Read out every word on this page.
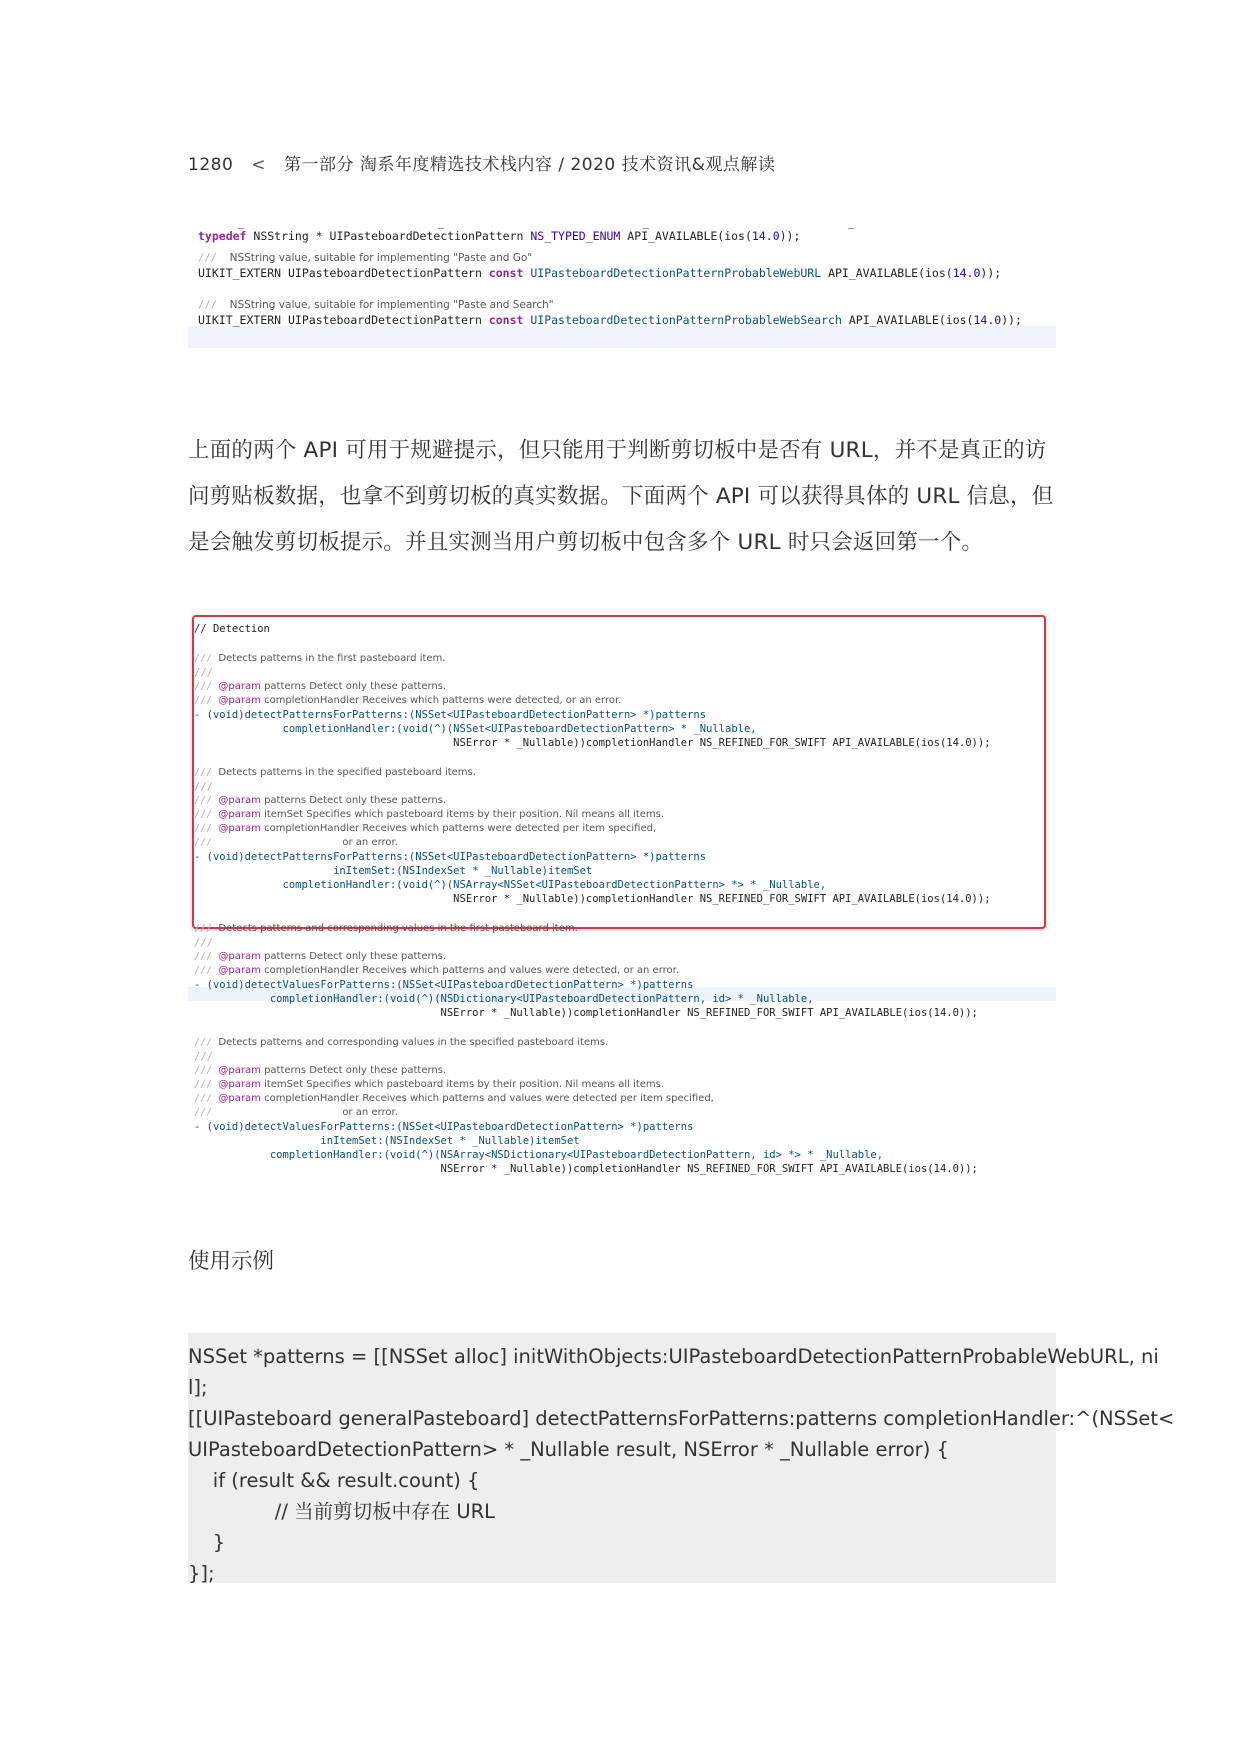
1280 < 第一部分 淘系年度精选技术栈内容 / 2020 技术资讯&观点解读
typedef NSString * UIPasteboardDetectionPattern NS_TYPED_ENUM API_AVAILABLE(ios(14.0));
///  NSString value, suitable for implementing "Paste and Go"
UIKIT_EXTERN UIPasteboardDetectionPattern const UIPasteboardDetectionPatternProbableWebURL API_AVAILABLE(ios(14.0));
///  NSString value, suitable for implementing "Paste and Search"
UIKIT_EXTERN UIPasteboardDetectionPattern const UIPasteboardDetectionPatternProbableWebSearch API_AVAILABLE(ios(14.0));
上面的两个 API 可用于规避提示，但只能用于判断剪切板中是否有 URL，并不是真正的访问剪贴板数据，也拿不到剪切板的真实数据。下面两个 API 可以获得具体的 URL 信息，但是会触发剪切板提示。并且实测当用户剪切板中包含多个 URL 时只会返回第一个。
// Detection
/// Detects patterns in the first pasteboard item.
///
/// @param patterns Detect only these patterns.
/// @param completionHandler Receives which patterns were detected, or an error.
- (void)detectPatternsForPatterns:(NSSet<UIPasteboardDetectionPattern> *)patterns
completionHandler:(void(^)(NSSet<UIPasteboardDetectionPattern> * _Nullable,
NSError * _Nullable))completionHandler NS_REFINED_FOR_SWIFT API_AVAILABLE(ios(14.0));
/// Detects patterns in the specified pasteboard items.
///
/// @param patterns Detect only these patterns.
/// @param itemSet Specifies which pasteboard items by their position. Nil means all items.
/// @param completionHandler Receives which patterns were detected per item specified,
///	or an error.
- (void)detectPatternsForPatterns:(NSSet<UIPasteboardDetectionPattern> *)patterns
inItemSet:(NSIndexSet * _Nullable)itemSet
completionHandler:(void(^)(NSArray<NSSet<UIPasteboardDetectionPattern> *> * _Nullable,
NSError * _Nullable))completionHandler NS_REFINED_FOR_SWIFT API_AVAILABLE(ios(14.0));
/// Detects patterns and corresponding values in the first pasteboard item.
///
/// @param patterns Detect only these patterns.
/// @param completionHandler Receives which patterns and values were detected, or an error.
- (void)detectValuesForPatterns:(NSSet<UIPasteboardDetectionPattern> *)patterns
completionHandler:(void(^)(NSDictionary<UIPasteboardDetectionPattern, id> * _Nullable,
NSError * _Nullable))completionHandler NS_REFINED_FOR_SWIFT API_AVAILABLE(ios(14.0));
/// Detects patterns and corresponding values in the specified pasteboard items.
///
/// @param patterns Detect only these patterns.
/// @param itemSet Specifies which pasteboard items by their position. Nil means all items.
/// @param completionHandler Receives which patterns and values were detected per item specified,
///	or an error.
- (void)detectValuesForPatterns:(NSSet<UIPasteboardDetectionPattern> *)patterns
inItemSet:(NSIndexSet * _Nullable)itemSet
completionHandler:(void(^)(NSArray<NSDictionary<UIPasteboardDetectionPattern, id> *> * _Nullable,
NSError * _Nullable))completionHandler NS_REFINED_FOR_SWIFT API_AVAILABLE(ios(14.0));
使用示例
NSSet *patterns = [[NSSet alloc] initWithObjects:UIPasteboardDetectionPatternProbableWebURL, ni
l];
[[UIPasteboard generalPasteboard] detectPatternsForPatterns:patterns completionHandler:^(NSSet<
UIPasteboardDetectionPattern> * _Nullable result, NSError * _Nullable error) {
if (result && result.count) {
// 当前剪切板中存在 URL
}
}];
